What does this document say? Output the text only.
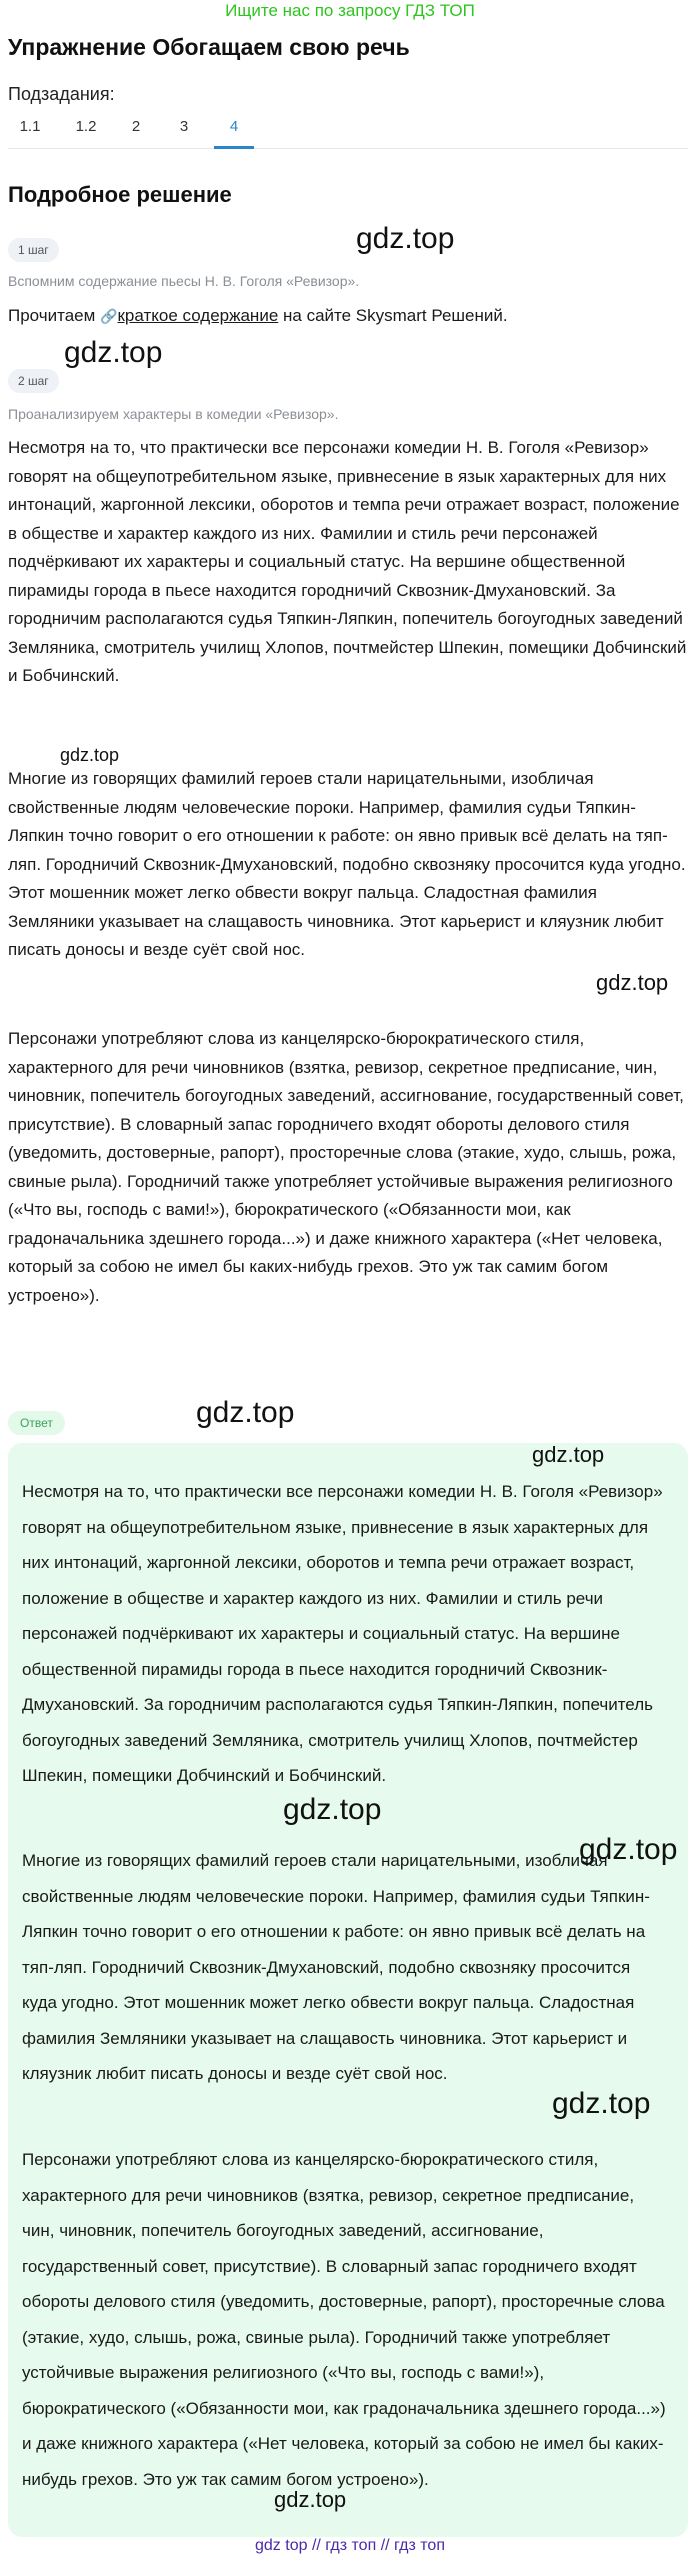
Ищите нас по запросу ГДЗ ТОП
Упражнение Обогащаем свою речь
Подзадания:
1.1	1.2	2	3	4
Подробное решение
1 шаг
Вспомним содержание пьесы Н. В. Гоголя «Ревизор».

Прочитаем 🔗краткое содержание на сайте Skysmart Решений.

2 шаг
Проанализируем характеры в комедии «Ревизор».

Несмотря на то, что практически все персонажи комедии Н. В. Гоголя «Ревизор» говорят на общеупотребительном языке, привнесение в язык характерных для них интонаций, жаргонной лексики, оборотов и темпа речи отражает возраст, положение в обществе и характер каждого из них. Фамилии и стиль речи персонажей подчёркивают их характеры и социальный статус. На вершине общественной пирамиды города в пьесе находится городничий Сквозник-Дмухановский. За городничим располагаются судья Тяпкин-Ляпкин, попечитель богоугодных заведений Земляника, смотритель училищ Хлопов, почтмейстер Шпекин, помещики Добчинский и Бобчинский.

Многие из говорящих фамилий героев стали нарицательными, изобличая свойственные людям человеческие пороки. Например, фамилия судьи Тяпкин-Ляпкин точно говорит о его отношении к работе: он явно привык всё делать на тяп-ляп. Городничий Сквозник-Дмухановский, подобно сквозняку просочится куда угодно. Этот мошенник может легко обвести вокруг пальца. Сладостная фамилия Земляники указывает на слащавость чиновника. Этот карьерист и кляузник любит писать доносы и везде суёт свой нос.

Персонажи употребляют слова из канцелярско-бюрократического стиля, характерного для речи чиновников (взятка, ревизор, секретное предписание, чин, чиновник, попечитель богоугодных заведений, ассигнование, государственный совет, присутствие). В словарный запас городничего входят обороты делового стиля (уведомить, достоверные, рапорт), просторечные слова (этакие, худо, слышь, рожа, свиные рыла). Городничий также употребляет устойчивые выражения религиозного («Что вы, господь с вами!»), бюрократического («Обязанности мои, как градоначальника здешнего города...») и даже книжного характера («Нет человека, который за собою не имел бы каких-нибудь грехов. Это уж так самим богом устроено»).

Ответ

Несмотря на то, что практически все персонажи комедии Н. В. Гоголя «Ревизор» говорят на общеупотребительном языке, привнесение в язык характерных для них интонаций, жаргонной лексики, оборотов и темпа речи отражает возраст, положение в обществе и характер каждого из них. Фамилии и стиль речи персонажей подчёркивают их характеры и социальный статус. На вершине общественной пирамиды города в пьесе находится городничий Сквозник-Дмухановский. За городничим располагаются судья Тяпкин-Ляпкин, попечитель богоугодных заведений Земляника, смотритель училищ Хлопов, почтмейстер Шпекин, помещики Добчинский и Бобчинский.

Многие из говорящих фамилий героев стали нарицательными, изобличая свойственные людям человеческие пороки. Например, фамилия судьи Тяпкин-Ляпкин точно говорит о его отношении к работе: он явно привык всё делать на тяп-ляп. Городничий Сквозник-Дмухановский, подобно сквозняку просочится куда угодно. Этот мошенник может легко обвести вокруг пальца. Сладостная фамилия Земляники указывает на слащавость чиновника. Этот карьерист и кляузник любит писать доносы и везде суёт свой нос.

Персонажи употребляют слова из канцелярско-бюрократического стиля, характерного для речи чиновников (взятка, ревизор, секретное предписание, чин, чиновник, попечитель богоугодных заведений, ассигнование, государственный совет, присутствие). В словарный запас городничего входят обороты делового стиля (уведомить, достоверные, рапорт), просторечные слова (этакие, худо, слышь, рожа, свиные рыла). Городничий также употребляет устойчивые выражения религиозного («Что вы, господь с вами!»), бюрократического («Обязанности мои, как градоначальника здешнего города...») и даже книжного характера («Нет человека, который за собою не имел бы каких-нибудь грехов. Это уж так самим богом устроено»).

gdz.top
gdz.top
gdz.top
gdz.top
gdz.top
gdz.top
gdz.top
gdz.top
gdz.top
gdz.top
gdz top // гдз топ // гдз топ
